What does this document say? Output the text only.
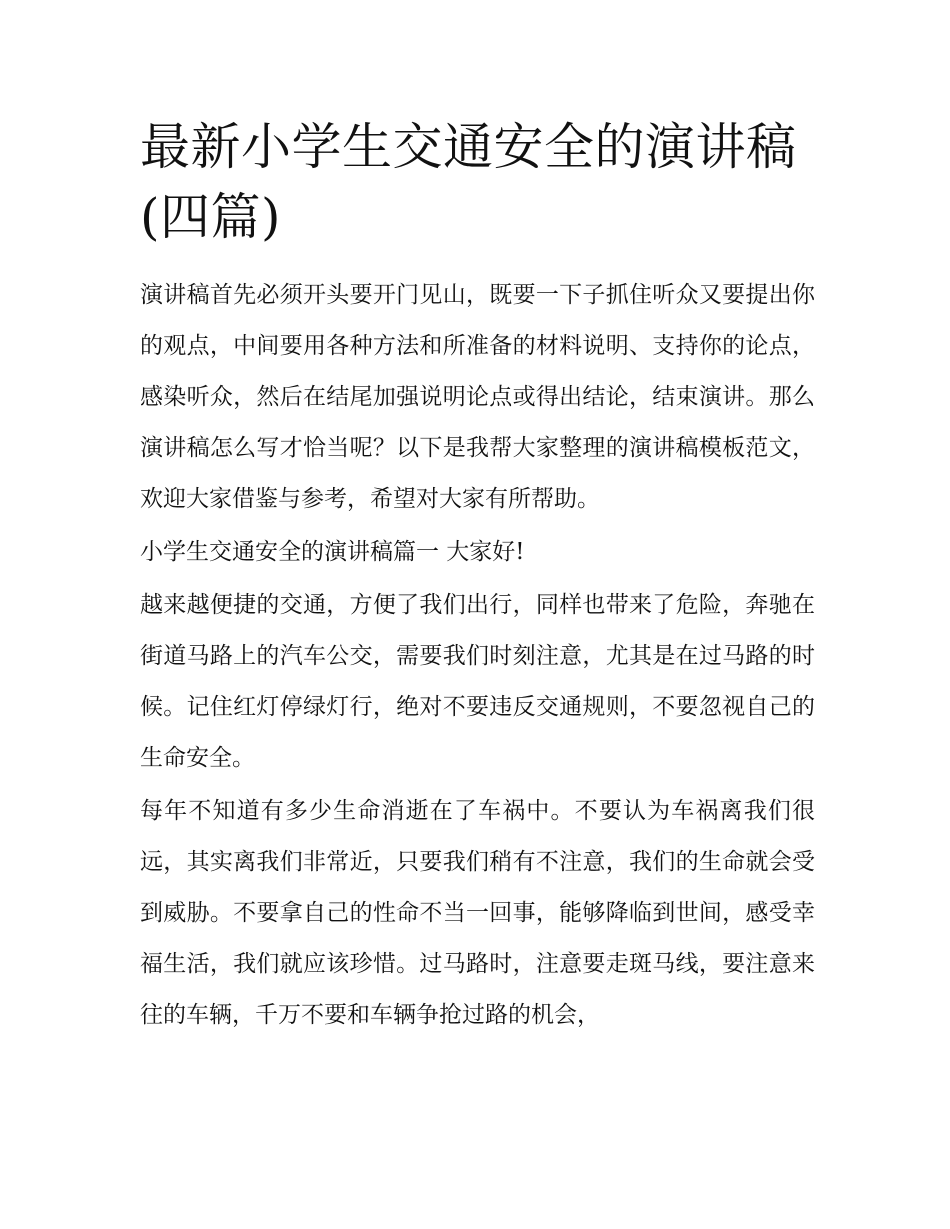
最新小学生交通安全的演讲稿(四篇)

演讲稿首先必须开头要开门见山，既要一下子抓住听众又要提出你的观点，中间要用各种方法和所准备的材料说明、支持你的论点，感染听众，然后在结尾加强说明论点或得出结论，结束演讲。那么演讲稿怎么写才恰当呢？以下是我帮大家整理的演讲稿模板范文，欢迎大家借鉴与参考，希望对大家有所帮助。

小学生交通安全的演讲稿篇一 大家好!

越来越便捷的交通，方便了我们出行，同样也带来了危险，奔驰在街道马路上的汽车公交，需要我们时刻注意，尤其是在过马路的时候。记住红灯停绿灯行，绝对不要违反交通规则，不要忽视自己的生命安全。

每年不知道有多少生命消逝在了车祸中。不要认为车祸离我们很远，其实离我们非常近，只要我们稍有不注意，我们的生命就会受到威胁。不要拿自己的性命不当一回事，能够降临到世间，感受幸福生活，我们就应该珍惜。过马路时，注意要走斑马线，要注意来往的车辆，千万不要和车辆争抢过路的机会，
